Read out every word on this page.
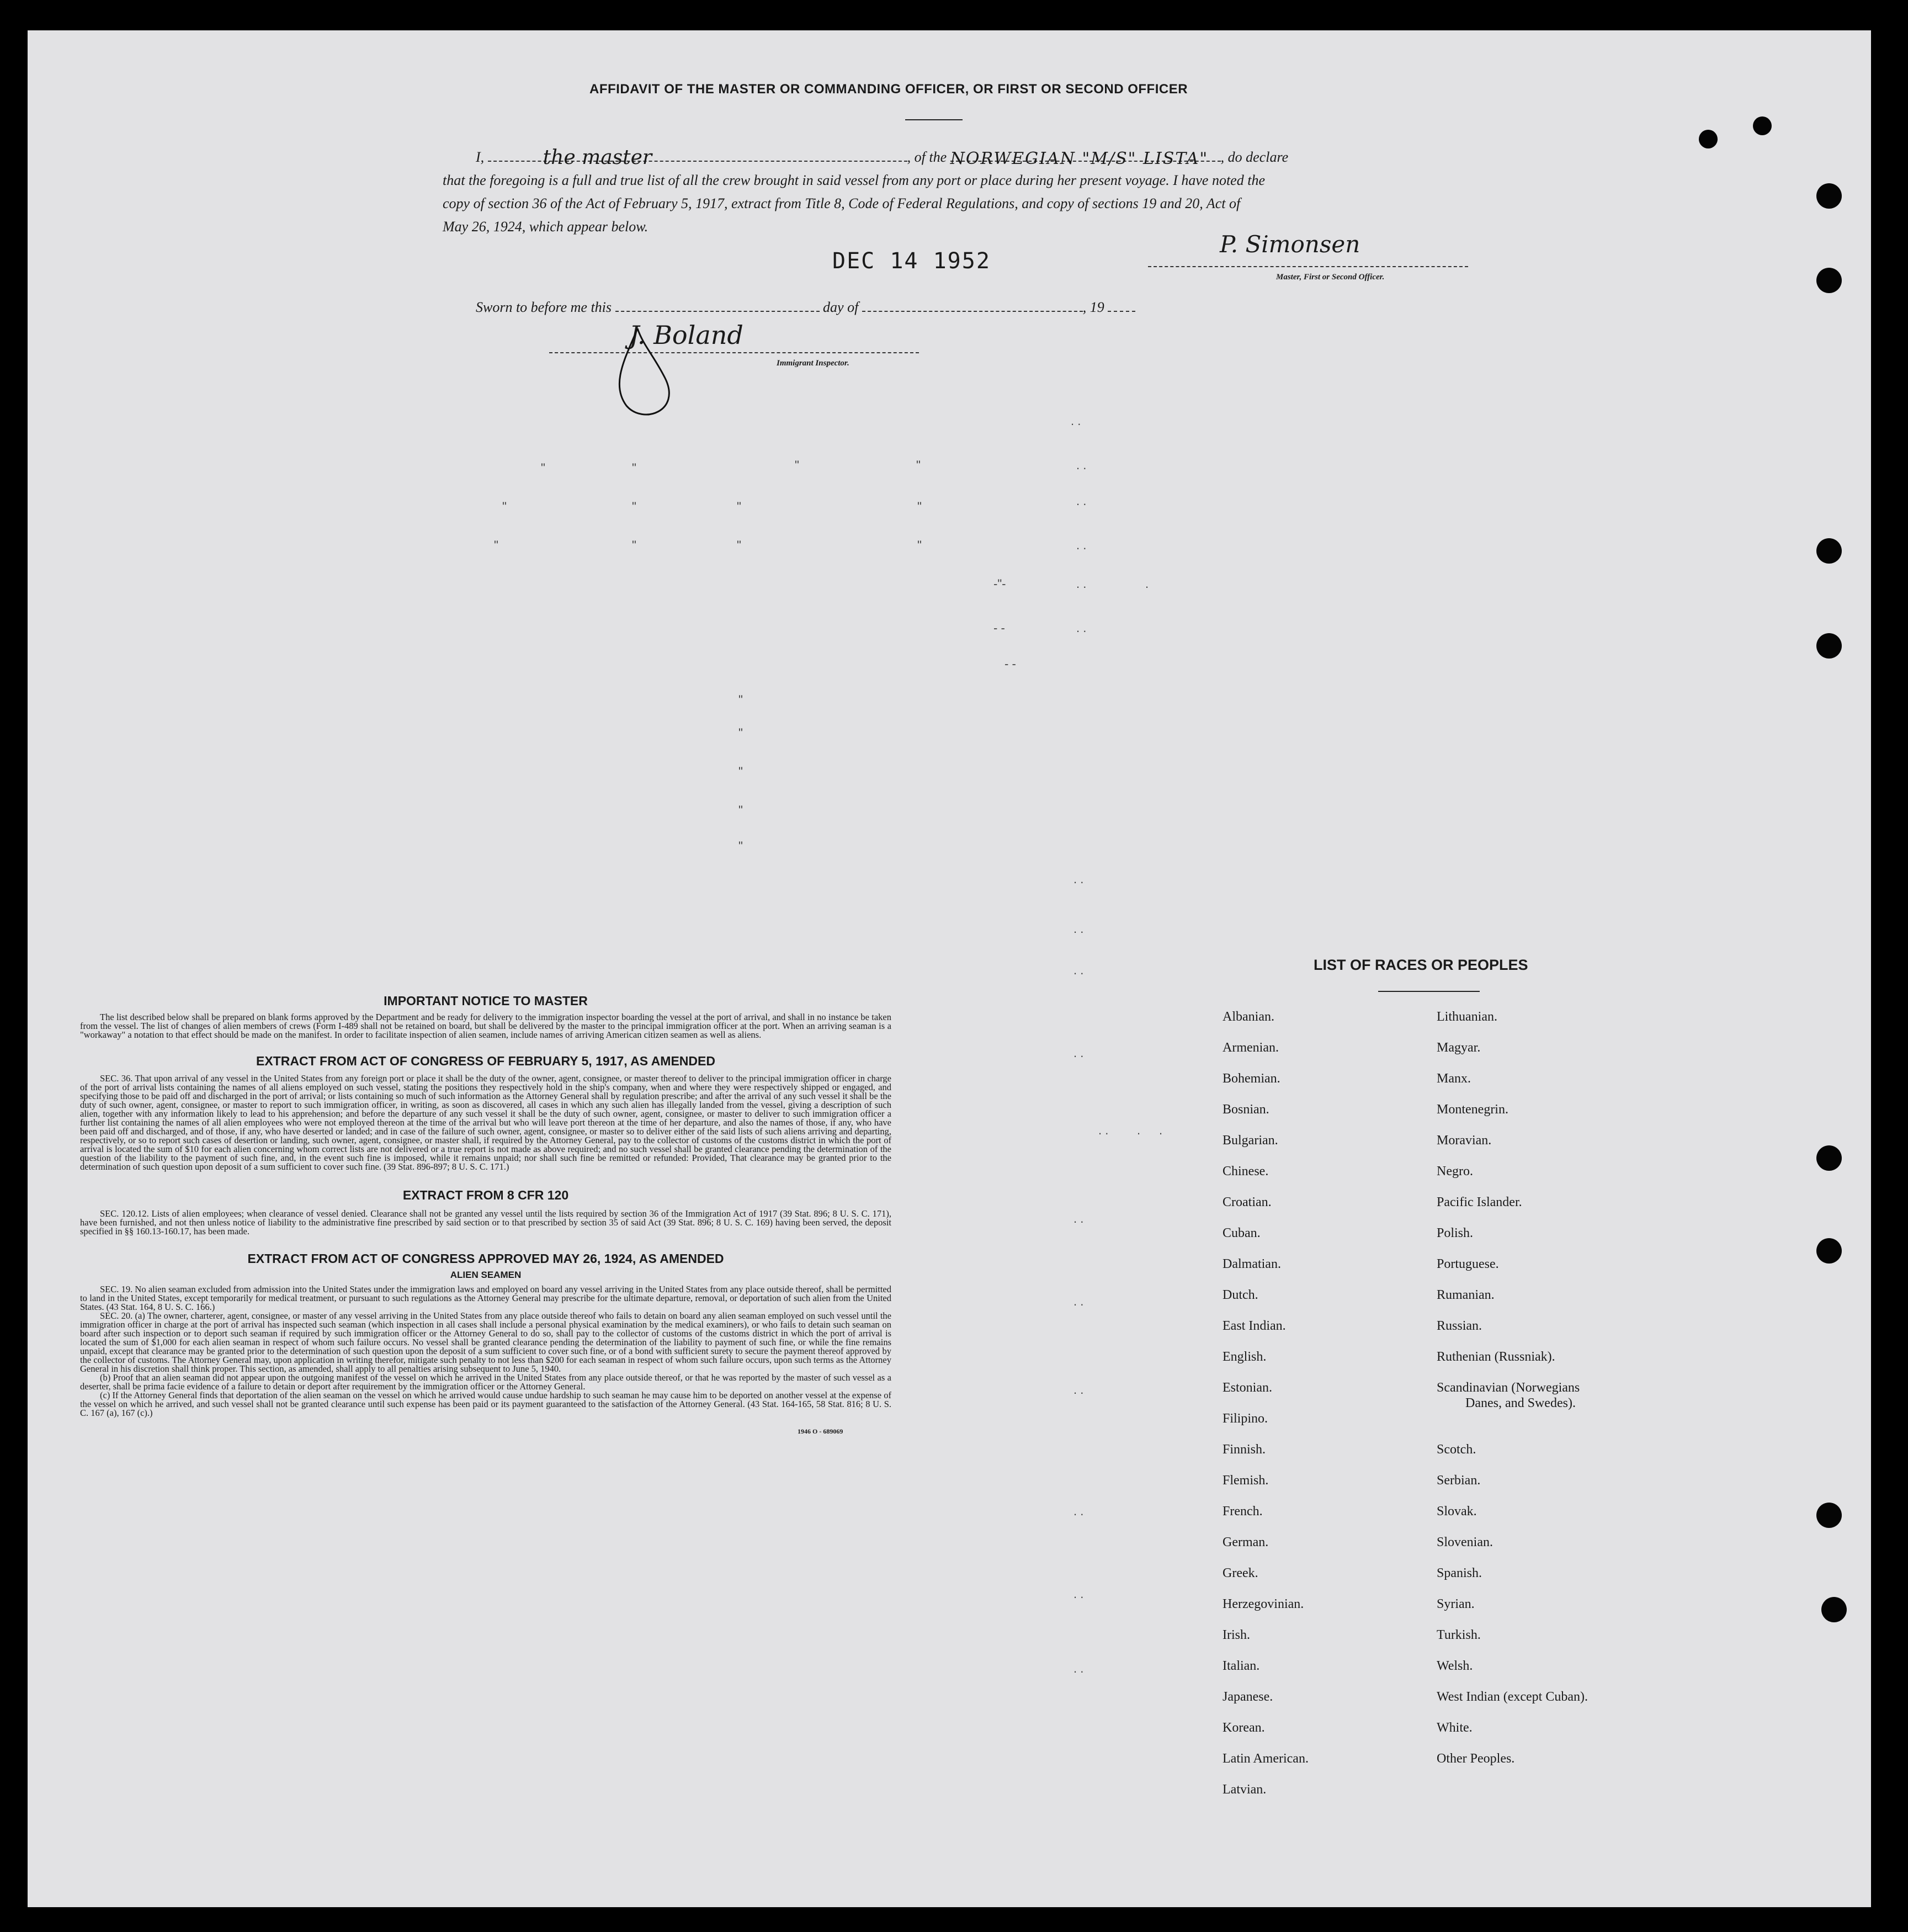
AFFIDAVIT OF THE MASTER OR COMMANDING OFFICER, OR FIRST OR SECOND OFFICER
I,	the master	, of the NORWEGIAN "M/S" LISTA" , do declare
that the foregoing is a full and true list of all the crew brought in said vessel from any port or place during her present voyage. I have noted the
copy of section 36 of the Act of February 5, 1917, extract from Title 8, Code of Federal Regulations, and copy of sections 19 and 20, Act of
May 26, 1924, which appear below.
DEC 14 1952
P. Simonsen
Master, First or Second Officer.
Sworn to before me this	day of	, 19
J. Boland
Immigrant Inspector.
. .
"	"	"	"	. .
"	"	"	"	. .
"	"	"	"	. .
-"-	. .	.
- -	. .
- -
"
"
"
"
"
. .
. .
. .
. .
. . . .
. .
. .
. .
. .
. .
. .
IMPORTANT NOTICE TO MASTER

The list described below shall be prepared on blank forms approved by the Department and be ready for delivery to the immigration inspector boarding the vessel at the port of arrival, and shall in no instance be taken from the vessel. The list of changes of alien members of crews (Form I-489 shall not be retained on board, but shall be delivered by the master to the principal immigration officer at the port. When an arriving seaman is a "workaway" a notation to that effect should be made on the manifest. In order to facilitate inspection of alien seamen, include names of arriving American citizen seamen as well as aliens.

EXTRACT FROM ACT OF CONGRESS OF FEBRUARY 5, 1917, AS AMENDED

SEC. 36. That upon arrival of any vessel in the United States from any foreign port or place it shall be the duty of the owner, agent, consignee, or master thereof to deliver to the principal immigration officer in charge of the port of arrival lists containing the names of all aliens employed on such vessel, stating the positions they respectively hold in the ship's company, when and where they were respectively shipped or engaged, and specifying those to be paid off and discharged in the port of arrival; or lists containing so much of such information as the Attorney General shall by regulation prescribe; and after the arrival of any such vessel it shall be the duty of such owner, agent, consignee, or master to report to such immigration officer, in writing, as soon as discovered, all cases in which any such alien has illegally landed from the vessel, giving a description of such alien, together with any information likely to lead to his apprehension; and before the departure of any such vessel it shall be the duty of such owner, agent, consignee, or master to deliver to such immigration officer a further list containing the names of all alien employees who were not employed thereon at the time of the arrival but who will leave port thereon at the time of her departure, and also the names of those, if any, who have been paid off and discharged, and of those, if any, who have deserted or landed; and in case of the failure of such owner, agent, consignee, or master so to deliver either of the said lists of such aliens arriving and departing, respectively, or so to report such cases of desertion or landing, such owner, agent, consignee, or master shall, if required by the Attorney General, pay to the collector of customs of the customs district in which the port of arrival is located the sum of $10 for each alien concerning whom correct lists are not delivered or a true report is not made as above required; and no such vessel shall be granted clearance pending the determination of the question of the liability to the payment of such fine, and, in the event such fine is imposed, while it remains unpaid; nor shall such fine be remitted or refunded: Provided, That clearance may be granted prior to the determination of such question upon deposit of a sum sufficient to cover such fine. (39 Stat. 896-897; 8 U. S. C. 171.)

EXTRACT FROM 8 CFR 120

SEC. 120.12. Lists of alien employees; when clearance of vessel denied. Clearance shall not be granted any vessel until the lists required by section 36 of the Immigration Act of 1917 (39 Stat. 896; 8 U. S. C. 171), have been furnished, and not then unless notice of liability to the administrative fine prescribed by said section or to that prescribed by section 35 of said Act (39 Stat. 896; 8 U. S. C. 169) having been served, the deposit specified in §§ 160.13-160.17, has been made.

EXTRACT FROM ACT OF CONGRESS APPROVED MAY 26, 1924, AS AMENDED
ALIEN SEAMEN

SEC. 19. No alien seaman excluded from admission into the United States under the immigration laws and employed on board any vessel arriving in the United States from any place outside thereof, shall be permitted to land in the United States, except temporarily for medical treatment, or pursuant to such regulations as the Attorney General may prescribe for the ultimate departure, removal, or deportation of such alien from the United States. (43 Stat. 164, 8 U. S. C. 166.)

SEC. 20. (a) The owner, charterer, agent, consignee, or master of any vessel arriving in the United States from any place outside thereof who fails to detain on board any alien seaman employed on such vessel until the immigration officer in charge at the port of arrival has inspected such seaman (which inspection in all cases shall include a personal physical examination by the medical examiners), or who fails to detain such seaman on board after such inspection or to deport such seaman if required by such immigration officer or the Attorney General to do so, shall pay to the collector of customs of the customs district in which the port of arrival is located the sum of $1,000 for each alien seaman in respect of whom such failure occurs. No vessel shall be granted clearance pending the determination of the liability to payment of such fine, or while the fine remains unpaid, except that clearance may be granted prior to the determination of such question upon the deposit of a sum sufficient to cover such fine, or of a bond with sufficient surety to secure the payment thereof approved by the collector of customs. The Attorney General may, upon application in writing therefor, mitigate such penalty to not less than $200 for each seaman in respect of whom such failure occurs, upon such terms as the Attorney General in his discretion shall think proper. This section, as amended, shall apply to all penalties arising subsequent to June 5, 1940.

(b) Proof that an alien seaman did not appear upon the outgoing manifest of the vessel on which he arrived in the United States from any place outside thereof, or that he was reported by the master of such vessel as a deserter, shall be prima facie evidence of a failure to detain or deport after requirement by the immigration officer or the Attorney General.

(c) If the Attorney General finds that deportation of the alien seaman on the vessel on which he arrived would cause undue hardship to such seaman he may cause him to be deported on another vessel at the expense of the vessel on which he arrived, and such vessel shall not be granted clearance until such expense has been paid or its payment guaranteed to the satisfaction of the Attorney General. (43 Stat. 164-165, 58 Stat. 816; 8 U. S. C. 167 (a), 167 (c).)

1946 O - 689069
LIST OF RACES OR PEOPLES
Albanian.
Armenian.
Bohemian.
Bosnian.
Bulgarian.
Chinese.
Croatian.
Cuban.
Dalmatian.
Dutch.
East Indian.
English.
Estonian.
Filipino.
Finnish.
Flemish.
French.
German.
Greek.
Herzegovinian.
Irish.
Italian.
Japanese.
Korean.
Latin American.
Latvian.
Lithuanian.
Magyar.
Manx.
Montenegrin.
Moravian.
Negro.
Pacific Islander.
Polish.
Portuguese.
Rumanian.
Russian.
Ruthenian (Russniak).
Scandinavian (Norwegians
Danes, and Swedes).
Scotch.
Serbian.
Slovak.
Slovenian.
Spanish.
Syrian.
Turkish.
Welsh.
West Indian (except Cuban).
White.
Other Peoples.
